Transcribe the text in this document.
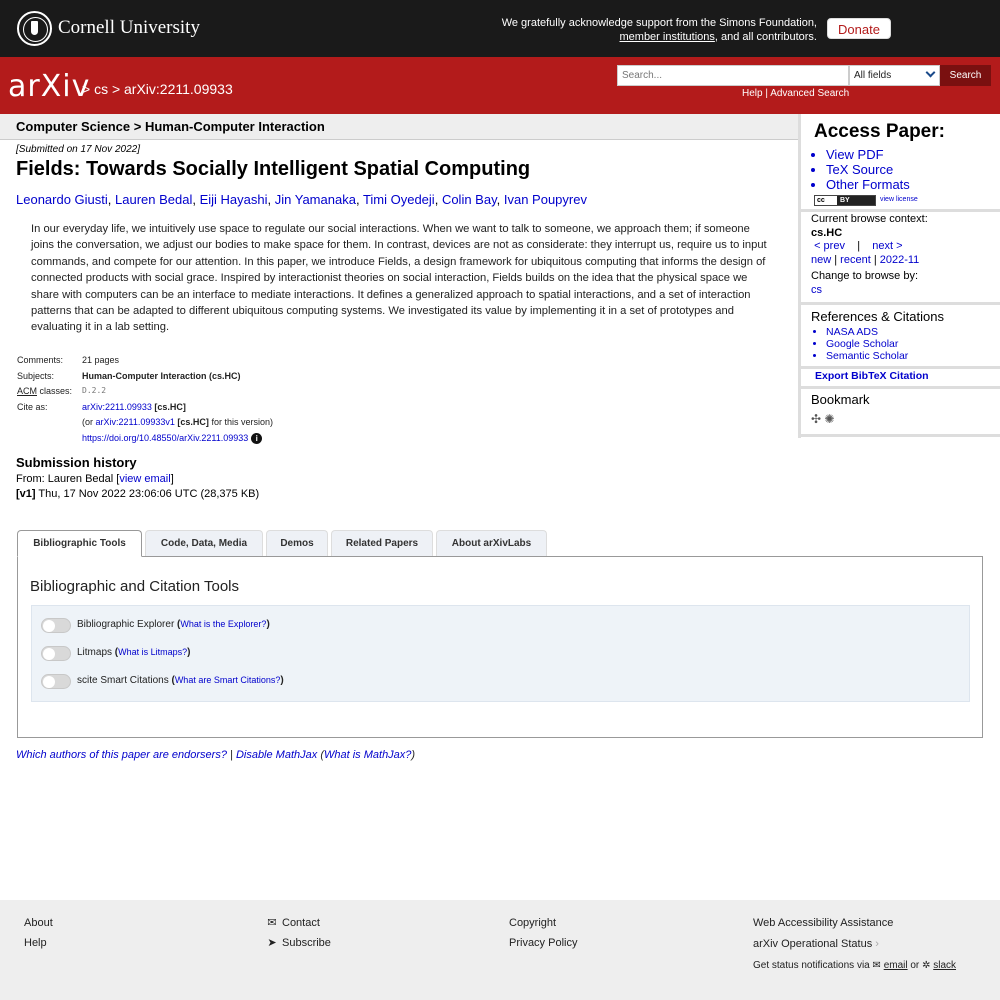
Cornell University	We gratefully acknowledge support from the Simons Foundation,
member institutions, and all contributors.	Donate
arXiv
> cs > arXiv:2211.09933
Search...	All fields	Search
Help | Advanced Search
Computer Science > Human-Computer Interaction
[Submitted on 17 Nov 2022]
Fields: Towards Socially Intelligent Spatial Computing
Leonardo Giusti, Lauren Bedal, Eiji Hayashi, Jin Yamanaka, Timi Oyedeji, Colin Bay, Ivan Poupyrev
In our everyday life, we intuitively use space to regulate our social interactions. When we want to talk to someone, we approach them; if someone joins the conversation, we adjust our bodies to make space for them. In contrast, devices are not as considerate: they interrupt us, require us to input commands, and compete for our attention. In this paper, we introduce Fields, a design framework for ubiquitous computing that informs the design of connected products with social grace. Inspired by interactionist theories on social interaction, Fields builds on the idea that the physical space we share with computers can be an interface to mediate interactions. It defines a generalized approach to spatial interactions, and a set of interaction patterns that can be adapted to different ubiquitous computing systems. We investigated its value by implementing it in a set of prototypes and evaluating it in a lab setting.
Comments:	21 pages
Subjects:	Human-Computer Interaction (cs.HC)
ACM classes:	D.2.2
Cite as:	arXiv:2211.09933 [cs.HC]
(or arXiv:2211.09933v1 [cs.HC] for this version)
https://doi.org/10.48550/arXiv.2211.09933 i
Submission history
From: Lauren Bedal [view email]
[v1] Thu, 17 Nov 2022 23:06:06 UTC (28,375 KB)
Bibliographic Tools	Code, Data, Media	Demos	Related Papers	About arXivLabs
Bibliographic and Citation Tools
Bibliographic Explorer (What is the Explorer?)
Litmaps (What is Litmaps?)
scite Smart Citations (What are Smart Citations?)
Which authors of this paper are endorsers? | Disable MathJax (What is MathJax?)
Access Paper:
• View PDF
• TeX Source
• Other Formats
cc	BY	view license
Current browse context:
cs.HC
< prev | next >
new | recent | 2022-11
Change to browse by:
cs
References & Citations
• NASA ADS
• Google Scholar
• Semantic Scholar
Export BibTeX Citation
Bookmark
✣ ✺
About
Help
✉ Contact
➤ Subscribe
Copyright
Privacy Policy
Web Accessibility Assistance
arXiv Operational Status ›
Get status notifications via ✉ email or ✲ slack
